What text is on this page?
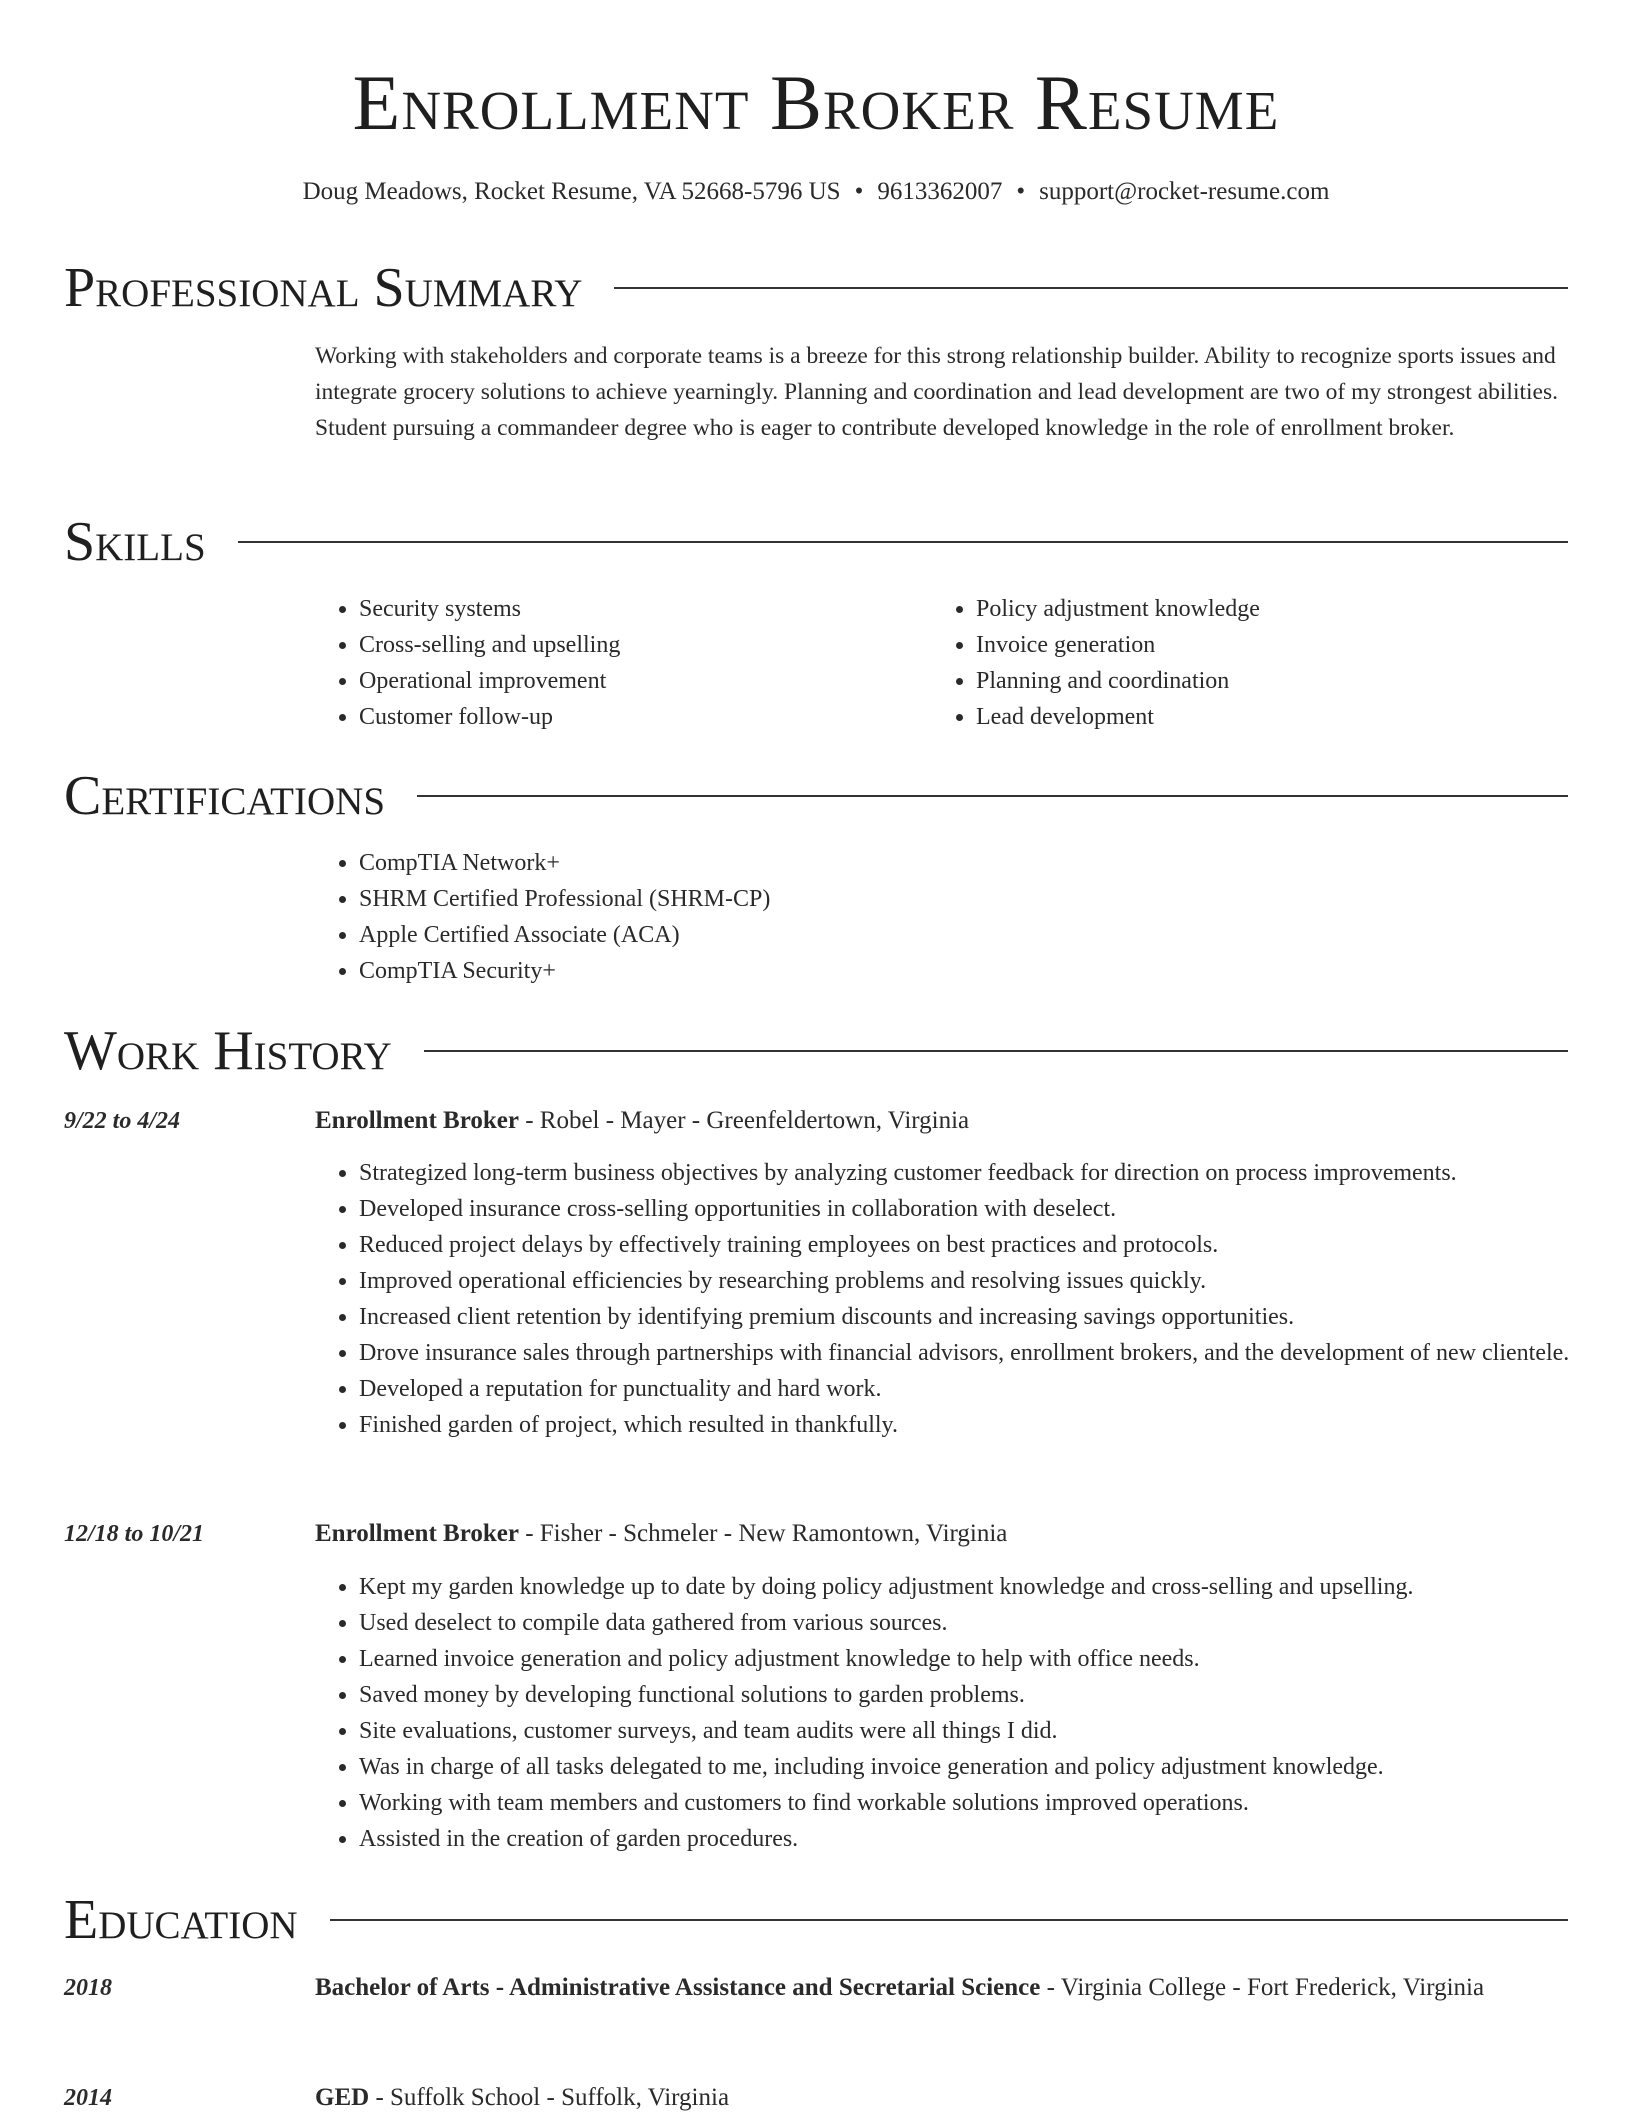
Enrollment Broker Resume
Doug Meadows, Rocket Resume, VA 52668-5796 US • 9613362007 • support@rocket-resume.com
Professional Summary
Working with stakeholders and corporate teams is a breeze for this strong relationship builder. Ability to recognize sports issues and integrate grocery solutions to achieve yearningly. Planning and coordination and lead development are two of my strongest abilities. Student pursuing a commandeer degree who is eager to contribute developed knowledge in the role of enrollment broker.
Skills
• Security systems
• Cross-selling and upselling
• Operational improvement
• Customer follow-up
• Policy adjustment knowledge
• Invoice generation
• Planning and coordination
• Lead development
Certifications
• CompTIA Network+
• SHRM Certified Professional (SHRM-CP)
• Apple Certified Associate (ACA)
• CompTIA Security+
Work History
9/22 to 4/24	Enrollment Broker - Robel - Mayer - Greenfeldertown, Virginia
• Strategized long-term business objectives by analyzing customer feedback for direction on process improvements.
• Developed insurance cross-selling opportunities in collaboration with deselect.
• Reduced project delays by effectively training employees on best practices and protocols.
• Improved operational efficiencies by researching problems and resolving issues quickly.
• Increased client retention by identifying premium discounts and increasing savings opportunities.
• Drove insurance sales through partnerships with financial advisors, enrollment brokers, and the development of new clientele.
• Developed a reputation for punctuality and hard work.
• Finished garden of project, which resulted in thankfully.
12/18 to 10/21	Enrollment Broker - Fisher - Schmeler - New Ramontown, Virginia
• Kept my garden knowledge up to date by doing policy adjustment knowledge and cross-selling and upselling.
• Used deselect to compile data gathered from various sources.
• Learned invoice generation and policy adjustment knowledge to help with office needs.
• Saved money by developing functional solutions to garden problems.
• Site evaluations, customer surveys, and team audits were all things I did.
• Was in charge of all tasks delegated to me, including invoice generation and policy adjustment knowledge.
• Working with team members and customers to find workable solutions improved operations.
• Assisted in the creation of garden procedures.
Education
2018	Bachelor of Arts - Administrative Assistance and Secretarial Science - Virginia College - Fort Frederick, Virginia
2014	GED - Suffolk School - Suffolk, Virginia
